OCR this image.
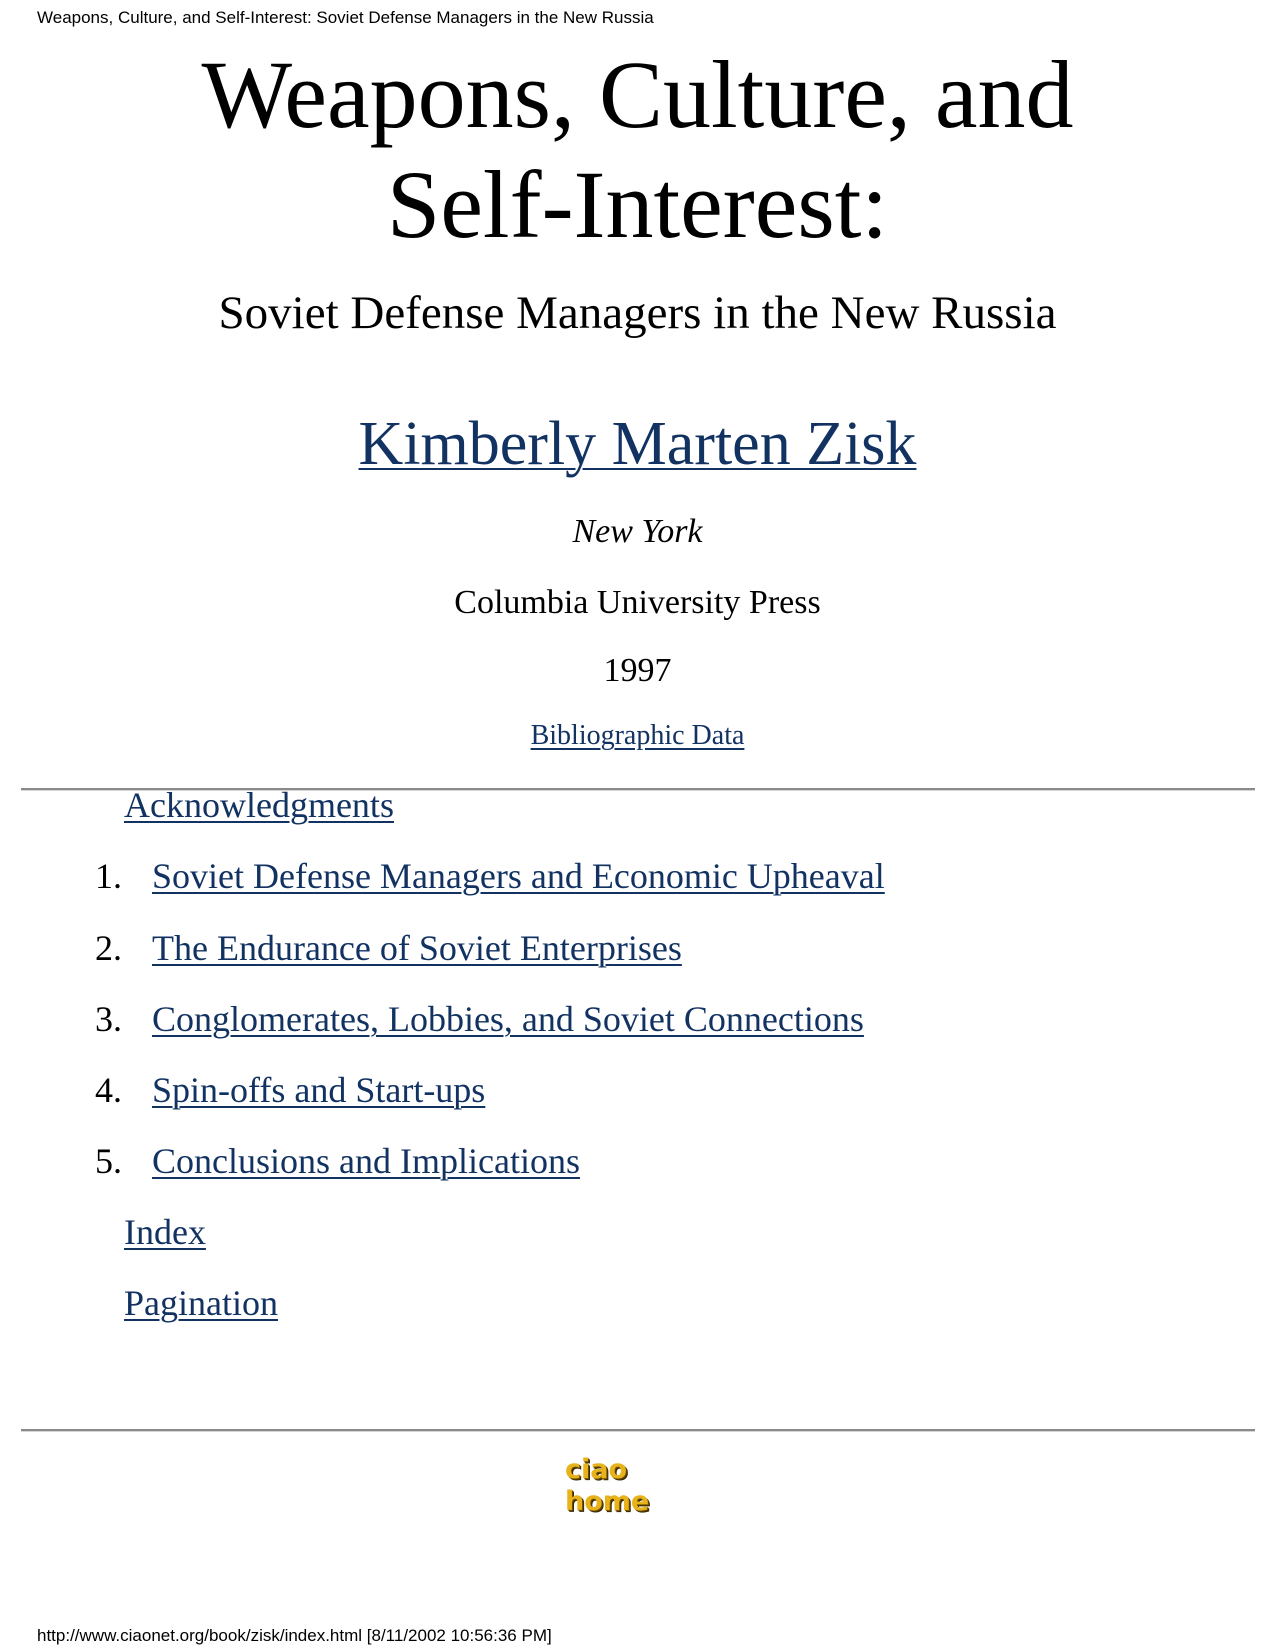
Weapons, Culture, and Self-Interest: Soviet Defense Managers in the New Russia
Weapons, Culture, and
Self-Interest:
Soviet Defense Managers in the New Russia
Kimberly Marten Zisk
New York
Columbia University Press
1997
Bibliographic Data
Acknowledgments
1. Soviet Defense Managers and Economic Upheaval
2. The Endurance of Soviet Enterprises
3. Conglomerates, Lobbies, and Soviet Connections
4. Spin-offs and Start-ups
5. Conclusions and Implications
Index
Pagination
ciao home
http://www.ciaonet.org/book/zisk/index.html [8/11/2002 10:56:36 PM]
